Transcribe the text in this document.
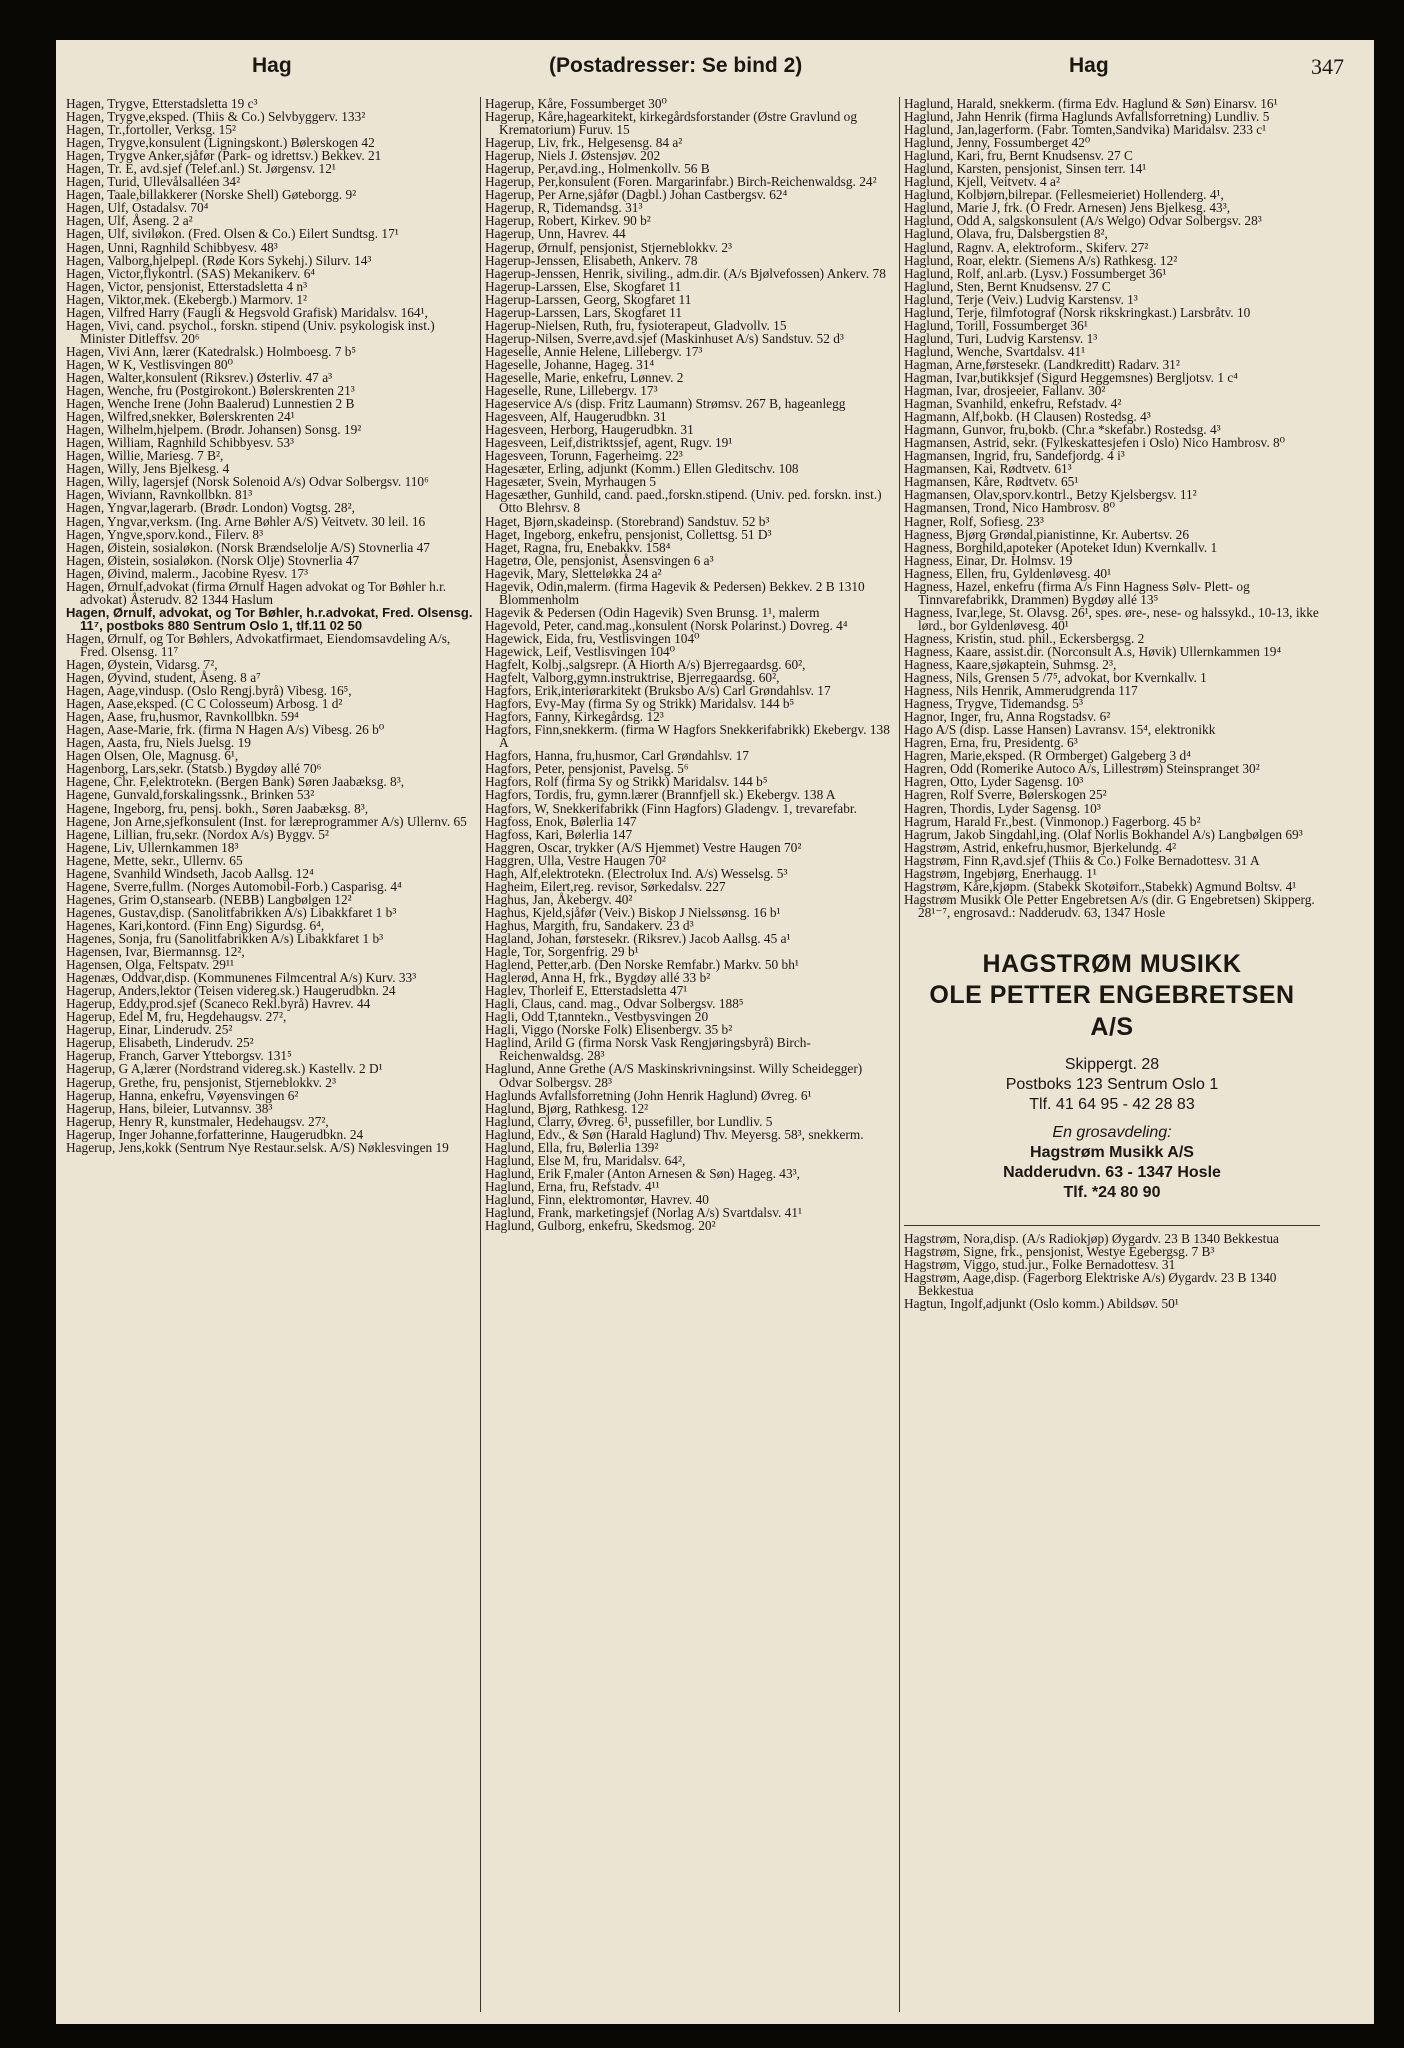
Hag	(Postadresser: Se bind 2)	Hag	347
Hagen, Trygve, Etterstadsletta 19 c³
Hagen, Trygve,eksped. (Thiis & Co.) Selvbyggerv. 133²
Hagen, Tr.,fortoller, Verksg. 15²
Hagen, Trygve,konsulent (Ligningskont.) Bølerskogen 42
Hagen, Trygve Anker,sjåfør (Park- og idrettsv.) Bekkev. 21
Hagen, Tr. E, avd.sjef (Telef.anl.) St. Jørgensv. 12¹
Hagen, Turid, Ullevålsalléen 34²
Hagen, Taale,billakkerer (Norske Shell) Gøteborgg. 9²
Hagen, Ulf, Ostadalsv. 70⁴
Hagen, Ulf, Åseng. 2 a²
Hagen, Ulf, siviløkon. (Fred. Olsen & Co.) Eilert Sundtsg. 17¹
Hagen, Unni, Ragnhild Schibbyesv. 48³
Hagen, Valborg,hjelpepl. (Røde Kors Sykehj.) Silurv. 14³
Hagen, Victor,flykontrl. (SAS) Mekanikerv. 6⁴
Hagen, Victor, pensjonist, Etterstadsletta 4 n³
Hagen, Viktor,mek. (Ekebergb.) Marmorv. 1²
Hagen, Vilfred Harry (Faugli & Hegsvold Grafisk) Maridalsv. 164¹,
Hagen, Vivi, cand. psychol., forskn. stipend (Univ. psykologisk inst.) Minister Ditleffsv. 20⁶
Hagen, Vivi Ann, lærer (Katedralsk.) Holmboesg. 7 b⁵
Hagen, W K, Vestlisvingen 80⁰
Hagen, Walter,konsulent (Riksrev.) Østerliv. 47 a³
Hagen, Wenche, fru (Postgirokont.) Bølerskrenten 21³
Hagen, Wenche Irene (John Baalerud) Lunnestien 2 B
Hagen, Wilfred,snekker, Bølerskrenten 24¹
Hagen, Wilhelm,hjelpem. (Brødr. Johansen) Sonsg. 19²
Hagen, William, Ragnhild Schibbyesv. 53³
Hagen, Willie, Mariesg. 7 B²,
Hagen, Willy, Jens Bjelkesg. 4
Hagen, Willy, lagersjef (Norsk Solenoid A/s) Odvar Solbergsv. 110⁶
Hagen, Wiviann, Ravnkollbkn. 81³
Hagen, Yngvar,lagerarb. (Brødr. London) Vogtsg. 28²,
Hagen, Yngvar,verksm. (Ing. Arne Bøhler A/S) Veitvetv. 30 leil. 16
Hagen, Yngve,sporv.kond., Filerv. 8³
Hagen, Øistein, sosialøkon. (Norsk Brændselolje A/S) Stovnerlia 47
Hagen, Øistein, sosialøkon. (Norsk Olje) Stovnerlia 47
Hagen, Øivind, malerm., Jacobine Ryesv. 17³
Hagen, Ørnulf,advokat (firma Ørnulf Hagen advokat og Tor Bøhler h.r. advokat) Åsterudv. 82 1344 Haslum
Hagen, Ørnulf, advokat, og Tor Bøhler, h.r.advokat, Fred. Olsensg. 11⁷, postboks 880 Sentrum Oslo 1, tlf.11 02 50
Hagen, Ørnulf, og Tor Bøhlers, Advokatfirmaet, Eiendomsavdeling A/s, Fred. Olsensg. 11⁷
Hagen, Øystein, Vidarsg. 7²,
Hagen, Øyvind, student, Åseng. 8 a⁷
Hagen, Aage,vindusp. (Oslo Rengj.byrå) Vibesg. 16⁵,
Hagen, Aase,eksped. (C C Colosseum) Arbosg. 1 d²
Hagen, Aase, fru,husmor, Ravnkollbkn. 59⁴
Hagen, Aase-Marie, frk. (firma N Hagen A/s) Vibesg. 26 b⁰
Hagen, Aasta, fru, Niels Juelsg. 19
Hagen Olsen, Ole, Magnusg. 6¹,
Hagenborg, Lars,sekr. (Statsb.) Bygdøy allé 70⁶
Hagene, Chr. F,elektrotekn. (Bergen Bank) Søren Jaabæksg. 8³,
Hagene, Gunvald,forskalingssnk., Brinken 53²
Hagene, Ingeborg, fru, pensj. bokh., Søren Jaabæksg. 8³,
Hagene, Jon Arne,sjefkonsulent (Inst. for læreprogrammer A/s) Ullernv. 65
Hagene, Lillian, fru,sekr. (Nordox A/s) Byggv. 5²
Hagene, Liv, Ullernkammen 18³
Hagene, Mette, sekr., Ullernv. 65
Hagene, Svanhild Windseth, Jacob Aallsg. 12⁴
Hagene, Sverre,fullm. (Norges Automobil-Forb.) Casparisg. 4⁴
Hagenes, Grim O,stansearb. (NEBB) Langbølgen 12²
Hagenes, Gustav,disp. (Sanolitfabrikken A/s) Libakkfaret 1 b³
Hagenes, Kari,kontord. (Finn Eng) Sigurdsg. 6⁴,
Hagenes, Sonja, fru (Sanolitfabrikken A/s) Libakkfaret 1 b³
Hagensen, Ivar, Biermannsg. 12²,
Hagensen, Olga, Feltspatv. 29¹¹
Hagenæs, Oddvar,disp. (Kommunenes Filmcentral A/s) Kurv. 33³
Hagerup, Anders,lektor (Teisen videreg.sk.) Haugerudbkn. 24
Hagerup, Eddy,prod.sjef (Scaneco Rekl.byrå) Havrev. 44
Hagerup, Edel M, fru, Hegdehaugsv. 27²,
Hagerup, Einar, Linderudv. 25²
Hagerup, Elisabeth, Linderudv. 25²
Hagerup, Franch, Garver Ytteborgsv. 131⁵
Hagerup, G A,lærer (Nordstrand videreg.sk.) Kastellv. 2 D¹
Hagerup, Grethe, fru, pensjonist, Stjerneblokkv. 2³
Hagerup, Hanna, enkefru, Vøyensvingen 6²
Hagerup, Hans, bileier, Lutvannsv. 38³
Hagerup, Henry R, kunstmaler, Hedehaugsv. 27²,
Hagerup, Inger Johanne,forfatterinne, Haugerudbkn. 24
Hagerup, Jens,kokk (Sentrum Nye Restaur.selsk. A/S) Nøklesvingen 19
Hagerup, Kåre, Fossumberget 30⁰
Hagerup, Kåre,hagearkitekt, kirkegårdsforstander (Østre Gravlund og Krematorium) Furuv. 15
Hagerup, Liv, frk., Helgesensg. 84 a²
Hagerup, Niels J. Østensjøv. 202
Hagerup, Per,avd.ing., Holmenkollv. 56 B
Hagerup, Per,konsulent (Foren. Margarinfabr.) Birch-Reichenwaldsg. 24²
Hagerup, Per Arne,sjåfør (Dagbl.) Johan Castbergsv. 62⁴
Hagerup, R, Tidemandsg. 31³
Hagerup, Robert, Kirkev. 90 b²
Hagerup, Unn, Havrev. 44
Hagerup, Ørnulf, pensjonist, Stjerneblokkv. 2³
Hagerup-Jenssen, Elisabeth, Ankerv. 78
Hagerup-Jenssen, Henrik, siviling., adm.dir. (A/s Bjølvefossen) Ankerv. 78
Hagerup-Larssen, Else, Skogfaret 11
Hagerup-Larssen, Georg, Skogfaret 11
Hagerup-Larssen, Lars, Skogfaret 11
Hagerup-Nielsen, Ruth, fru, fysioterapeut, Gladvollv. 15
Hagerup-Nilsen, Sverre,avd.sjef (Maskinhuset A/s) Sandstuv. 52 d³
Hageselle, Annie Helene, Lillebergv. 17³
Hageselle, Johanne, Hageg. 31⁴
Hageselle, Marie, enkefru, Lønnev. 2
Hageselle, Rune, Lillebergv. 17³
Hageservice A/s (disp. Fritz Laumann) Strømsv. 267 B, hageanlegg
Hagesveen, Alf, Haugerudbkn. 31
Hagesveen, Herborg, Haugerudbkn. 31
Hagesveen, Leif,distriktssjef, agent, Rugv. 19¹
Hagesveen, Torunn, Fagerheimg. 22³
Hagesæter, Erling, adjunkt (Komm.) Ellen Gleditschv. 108
Hagesæter, Svein, Myrhaugen 5
Hagesæther, Gunhild, cand. paed.,forskn.stipend. (Univ. ped. forskn. inst.) Otto Blehrsv. 8
Haget, Bjørn,skadeinsp. (Storebrand) Sandstuv. 52 b³
Haget, Ingeborg, enkefru, pensjonist, Collettsg. 51 D³
Haget, Ragna, fru, Enebakkv. 158⁴
Hagetrø, Ole, pensjonist, Åsensvingen 6 a³
Hagevik, Mary, Sletteløkka 24 a²
Hagevik, Odin,malerm. (firma Hagevik & Pedersen) Bekkev. 2 B 1310 Blommenholm
Hagevik & Pedersen (Odin Hagevik) Sven Brunsg. 1¹, malerm
Hagevold, Peter, cand.mag.,konsulent (Norsk Polarinst.) Dovreg. 4⁴
Hagewick, Eida, fru, Vestlisvingen 104⁰
Hagewick, Leif, Vestlisvingen 104⁰
Hagfelt, Kolbj.,salgsrepr. (A Hiorth A/s) Bjerregaardsg. 60²,
Hagfelt, Valborg,gymn.instruktrise, Bjerregaardsg. 60²,
Hagfors, Erik,interiørarkitekt (Bruksbo A/s) Carl Grøndahlsv. 17
Hagfors, Evy-May (firma Sy og Strikk) Maridalsv. 144 b⁵
Hagfors, Fanny, Kirkegårdsg. 12³
Hagfors, Finn,snekkerm. (firma W Hagfors Snekkerifabrikk) Ekebergv. 138 A
Hagfors, Hanna, fru,husmor, Carl Grøndahlsv. 17
Hagfors, Peter, pensjonist, Pavelsg. 5⁶
Hagfors, Rolf (firma Sy og Strikk) Maridalsv. 144 b⁵
Hagfors, Tordis, fru, gymn.lærer (Brannfjell sk.) Ekebergv. 138 A
Hagfors, W, Snekkerifabrikk (Finn Hagfors) Gladengv. 1, trevarefabr.
Hagfoss, Enok, Bølerlia 147
Hagfoss, Kari, Bølerlia 147
Haggren, Oscar, trykker (A/S Hjemmet) Vestre Haugen 70²
Haggren, Ulla, Vestre Haugen 70²
Hagh, Alf,elektrotekn. (Electrolux Ind. A/s) Wesselsg. 5³
Hagheim, Eilert,reg. revisor, Sørkedalsv. 227
Haghus, Jan, Åkebergv. 40²
Haghus, Kjeld,sjåfør (Veiv.) Biskop J Nielssønsg. 16 b¹
Haghus, Margith, fru, Sandakerv. 23 d³
Hagland, Johan, førstesekr. (Riksrev.) Jacob Aallsg. 45 a¹
Hagle, Tor, Sorgenfrig. 29 b¹
Haglend, Petter,arb. (Den Norske Remfabr.) Markv. 50 bh¹
Haglerød, Anna H, frk., Bygdøy allé 33 b²
Haglev, Thorleif E, Etterstadsletta 47¹
Hagli, Claus, cand. mag., Odvar Solbergsv. 188⁵
Hagli, Odd T,tanntekn., Vestbysvingen 20
Hagli, Viggo (Norske Folk) Elisenbergv. 35 b²
Haglind, Arild G (firma Norsk Vask Rengjøringsbyrå) Birch- Reichenwaldsg. 28³
Haglund, Anne Grethe (A/S Maskinskrivningsinst. Willy Scheidegger) Odvar Solbergsv. 28³
Haglunds Avfallsforretning (John Henrik Haglund) Øvreg. 6¹
Haglund, Bjørg, Rathkesg. 12²
Haglund, Clarry, Øvreg. 6¹, pussefiller, bor Lundliv. 5
Haglund, Edv., & Søn (Harald Haglund) Thv. Meyersg. 58³, snekkerm.
Haglund, Ella, fru, Bølerlia 139²
Haglund, Else M, fru, Maridalsv. 64²,
Haglund, Erik F,maler (Anton Arnesen & Søn) Hageg. 43³,
Haglund, Erna, fru, Refstadv. 4¹¹
Haglund, Finn, elektromontør, Havrev. 40
Haglund, Frank, marketingsjef (Norlag A/s) Svartdalsv. 41¹
Haglund, Gulborg, enkefru, Skedsmog. 20²
Haglund, Harald, snekkerm. (firma Edv. Haglund & Søn) Einarsv. 16¹
Haglund, Jahn Henrik (firma Haglunds Avfallsforretning) Lundliv. 5
Haglund, Jan,lagerform. (Fabr. Tomten,Sandvika) Maridalsv. 233 c¹
Haglund, Jenny, Fossumberget 42⁰
Haglund, Kari, fru, Bernt Knudsensv. 27 C
Haglund, Karsten, pensjonist, Sinsen terr. 14¹
Haglund, Kjell, Veitvetv. 4 a²
Haglund, Kolbjørn,bilrepar. (Fellesmeieriet) Hollenderg. 4¹,
Haglund, Marie J, frk. (O Fredr. Arnesen) Jens Bjelkesg. 43³,
Haglund, Odd A, salgskonsulent (A/s Welgo) Odvar Solbergsv. 28³
Haglund, Olava, fru, Dalsbergstien 8²,
Haglund, Ragnv. A, elektroform., Skiferv. 27²
Haglund, Roar, elektr. (Siemens A/s) Rathkesg. 12²
Haglund, Rolf, anl.arb. (Lysv.) Fossumberget 36¹
Haglund, Sten, Bernt Knudsensv. 27 C
Haglund, Terje (Veiv.) Ludvig Karstensv. 1³
Haglund, Terje, filmfotograf (Norsk rikskringkast.) Larsbråtv. 10
Haglund, Torill, Fossumberget 36¹
Haglund, Turi, Ludvig Karstensv. 1³
Haglund, Wenche, Svartdalsv. 41¹
Hagman, Arne,førstesekr. (Landkreditt) Radarv. 31²
Hagman, Ivar,butikksjef (Sigurd Heggemsnes) Bergljotsv. 1 c⁴
Hagman, Ivar, drosjeeier, Fallanv. 30²
Hagman, Svanhild, enkefru, Refstadv. 4²
Hagmann, Alf,bokb. (H Clausen) Rostedsg. 4³
Hagmann, Gunvor, fru,bokb. (Chr.a *skefabr.) Rostedsg. 4³
Hagmansen, Astrid, sekr. (Fylkeskattesjefen i Oslo) Nico Hambrosv. 8⁰
Hagmansen, Ingrid, fru, Sandefjordg. 4 i³
Hagmansen, Kai, Rødtvetv. 61³
Hagmansen, Kåre, Rødtvetv. 65¹
Hagmansen, Olav,sporv.kontrl., Betzy Kjelsbergsv. 11²
Hagmansen, Trond, Nico Hambrosv. 8⁰
Hagner, Rolf, Sofiesg. 23³
Hagness, Bjørg Grøndal,pianistinne, Kr. Aubertsv. 26
Hagness, Borghild,apoteker (Apoteket Idun) Kvernkallv. 1
Hagness, Einar, Dr. Holmsv. 19
Hagness, Ellen, fru, Gyldenløvesg. 40¹
Hagness, Hazel, enkefru (firma A/s Finn Hagness Sølv- Plett- og Tinnvarefabrikk, Drammen) Bygdøy allé 13⁵
Hagness, Ivar,lege, St. Olavsg. 26¹, spes. øre-, nese- og halssykd., 10-13, ikke lørd., bor Gyldenløvesg. 40¹
Hagness, Kristin, stud. phil., Eckersbergsg. 2
Hagness, Kaare, assist.dir. (Norconsult A.s, Høvik) Ullernkammen 19⁴
Hagness, Kaare,sjøkaptein, Suhmsg. 2³,
Hagness, Nils, Grensen 5 /7⁵, advokat, bor Kvernkallv. 1
Hagness, Nils Henrik, Ammerudgrenda 117
Hagness, Trygve, Tidemandsg. 5³
Hagnor, Inger, fru, Anna Rogstadsv. 6²
Hago A/S (disp. Lasse Hansen) Lavransv. 15⁴, elektronikk
Hagren, Erna, fru, Presidentg. 6³
Hagren, Marie,eksped. (R Ormberget) Galgeberg 3 d⁴
Hagren, Odd (Romerike Autoco A/s, Lillestrøm) Steinspranget 30²
Hagren, Otto, Lyder Sagensg. 10³
Hagren, Rolf Sverre, Bølerskogen 25²
Hagren, Thordis, Lyder Sagensg. 10³
Hagrum, Harald Fr.,best. (Vinmonop.) Fagerborg. 45 b²
Hagrum, Jakob Singdahl,ing. (Olaf Norlis Bokhandel A/s) Langbølgen 69³
Hagstrøm, Astrid, enkefru,husmor, Bjerkelundg. 4²
Hagstrøm, Finn R,avd.sjef (Thiis & Co.) Folke Bernadottesv. 31 A
Hagstrøm, Ingebjørg, Enerhaugg. 1¹
Hagstrøm, Kåre,kjøpm. (Stabekk Skotøiforr.,Stabekk) Agmund Boltsv. 4¹
Hagstrøm Musikk Ole Petter Engebretsen A/s (dir. G Engebretsen) Skipperg. 28¹⁻⁷, engrosavd.: Nadderudv. 63, 1347 Hosle
HAGSTRØM MUSIKK
OLE PETTER ENGEBRETSEN A/S
Skippergt. 28
Postboks 123 Sentrum Oslo 1
Tlf. 41 64 95 - 42 28 83
En grosavdeling:
Hagstrøm Musikk A/S
Nadderudvn. 63 - 1347 Hosle
Tlf. *24 80 90
Hagstrøm, Nora,disp. (A/s Radiokjøp) Øygardv. 23 B 1340 Bekkestua
Hagstrøm, Signe, frk., pensjonist, Westye Egebergsg. 7 B³
Hagstrøm, Viggo, stud.jur., Folke Bernadottesv. 31
Hagstrøm, Aage,disp. (Fagerborg Elektriske A/s) Øygardv. 23 B 1340 Bekkestua
Hagtun, Ingolf,adjunkt (Oslo komm.) Abildsøv. 50¹
